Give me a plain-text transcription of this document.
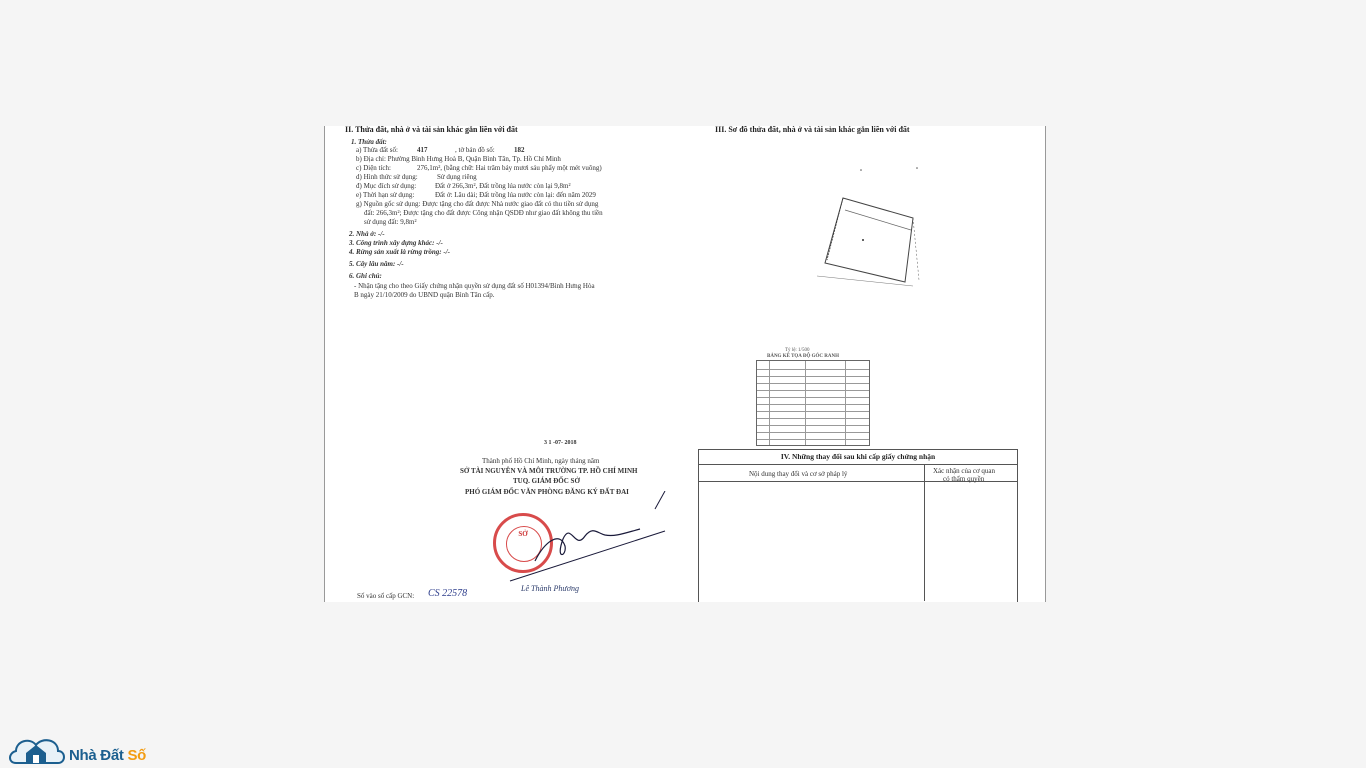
II. Thửa đất, nhà ở và tài sản khác gắn liền với đất
1. Thửa đất:
a) Thửa đất số:	417	, tờ bản đồ số:	182
b) Địa chỉ: Phường Bình Hưng Hoà B, Quận Bình Tân, Tp. Hồ Chí Minh
c) Diện tích:	276,1m², (bằng chữ: Hai trăm bảy mươi sáu phẩy một mét vuông)
d) Hình thức sử dụng:	Sử dụng riêng
đ) Mục đích sử dụng:	Đất ở 266,3m², Đất trồng lúa nước còn lại 9,8m²
e) Thời hạn sử dụng:	Đất ở: Lâu dài; Đất trồng lúa nước còn lại: đến năm 2029
g) Nguồn gốc sử dụng: Được tặng cho đất được Nhà nước giao đất có thu tiền sử dụng
đất: 266,3m²; Được tặng cho đất được Công nhận QSDĐ như giao đất không thu tiền
sử dụng đất: 9,8m²
2. Nhà ở: -/-
3. Công trình xây dựng khác: -/-
4. Rừng sản xuất là rừng trồng: -/-
5. Cây lâu năm: -/-
6. Ghi chú:
- Nhận tặng cho theo Giấy chứng nhận quyền sử dụng đất số H01394/Bình Hưng Hòa
B ngày 21/10/2009 do UBND quận Bình Tân cấp.
III. Sơ đồ thửa đất, nhà ở và tài sản khác gắn liền với đất
Tỷ lệ: 1/500
BẢNG KÊ TỌA ĐỘ GÓC RANH
3 1 -07- 2018
Thành phố Hồ Chí Minh, ngày tháng năm
SỞ TÀI NGUYÊN VÀ MÔI TRƯỜNG TP. HỒ CHÍ MINH
TUQ. GIÁM ĐỐC SỞ
PHÓ GIÁM ĐỐC VĂN PHÒNG ĐĂNG KÝ ĐẤT ĐAI
SỞ
Lê Thành Phương
Số vào sổ cấp GCN: CS 22578
IV. Những thay đổi sau khi cấp giấy chứng nhận
Nội dung thay đổi và cơ sở pháp lý	Xác nhận của cơ quan
có thẩm quyền
Nhà Đất Số
